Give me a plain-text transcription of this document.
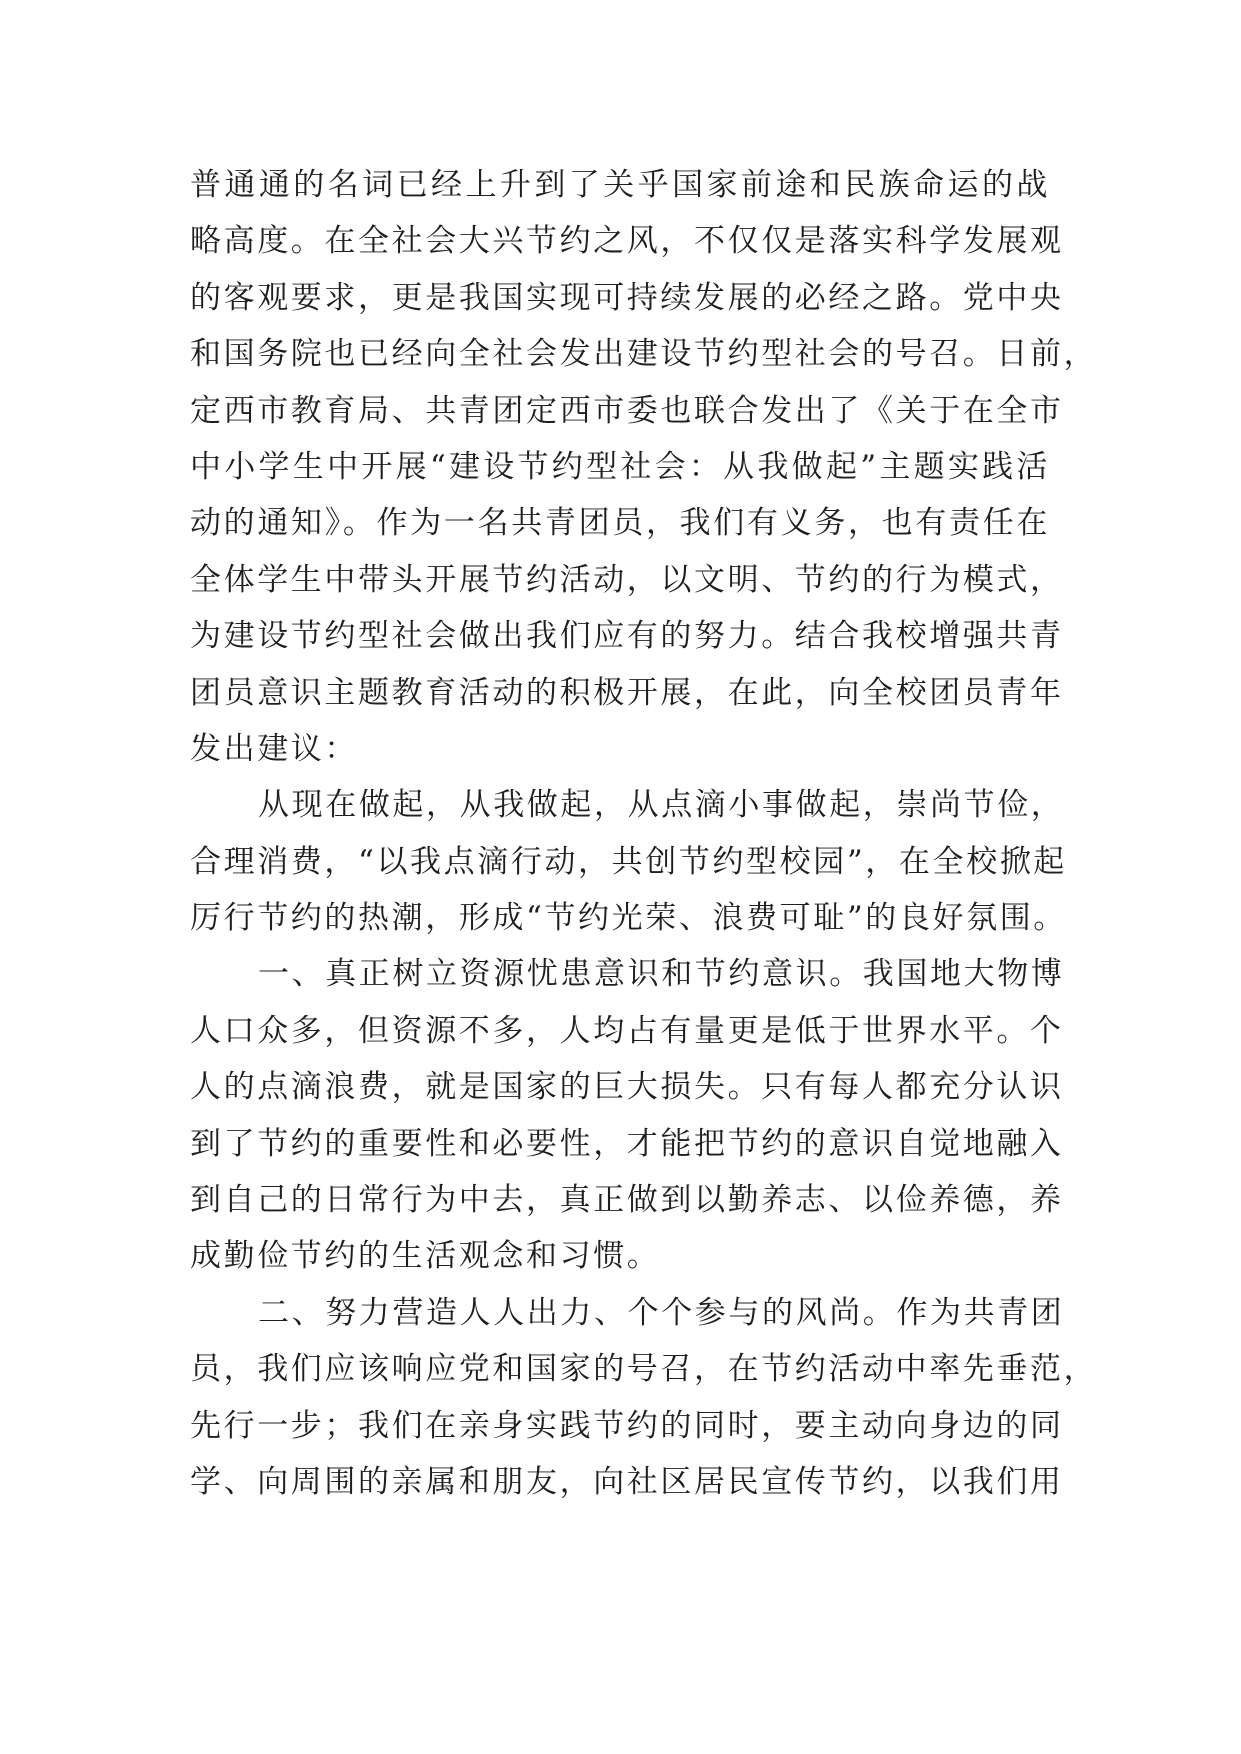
普通通的名词已经上升到了关乎国家前途和民族命运的战
略高度。在全社会大兴节约之风，不仅仅是落实科学发展观
的客观要求，更是我国实现可持续发展的必经之路。党中央
和国务院也已经向全社会发出建设节约型社会的号召。日前，
定西市教育局、共青团定西市委也联合发出了《关于在全市
中小学生中开展“建设节约型社会：从我做起”主题实践活
动的通知》。作为一名共青团员，我们有义务，也有责任在
全体学生中带头开展节约活动，以文明、节约的行为模式，
为建设节约型社会做出我们应有的努力。结合我校增强共青
团员意识主题教育活动的积极开展，在此，向全校团员青年
发出建议：
从现在做起，从我做起，从点滴小事做起，崇尚节俭，
合理消费，“以我点滴行动，共创节约型校园”，在全校掀起
厉行节约的热潮，形成“节约光荣、浪费可耻”的良好氛围。
一、真正树立资源忧患意识和节约意识。我国地大物博
人口众多，但资源不多，人均占有量更是低于世界水平。个
人的点滴浪费，就是国家的巨大损失。只有每人都充分认识
到了节约的重要性和必要性，才能把节约的意识自觉地融入
到自己的日常行为中去，真正做到以勤养志、以俭养德，养
成勤俭节约的生活观念和习惯。
二、努力营造人人出力、个个参与的风尚。作为共青团
员，我们应该响应党和国家的号召，在节约活动中率先垂范，
先行一步；我们在亲身实践节约的同时，要主动向身边的同
学、向周围的亲属和朋友，向社区居民宣传节约，以我们用
